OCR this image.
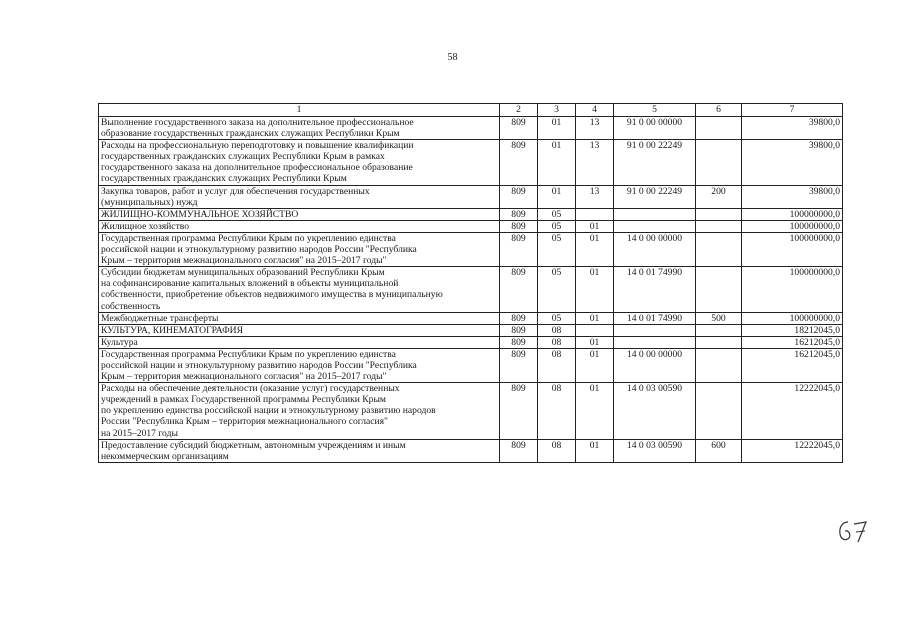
58
1	2	3	4	5	6	7
Выполнение государственного заказа на дополнительное профессиональное
образование государственных гражданских служащих Республики Крым	809	01	13	91 0 00 00000		39800,0
Расходы на профессиональную переподготовку и повышение квалификации
государственных гражданских служащих Республики Крым в рамках
государственного заказа на дополнительное профессиональное образование
государственных гражданских служащих Республики Крым	809	01	13	91 0 00 22249		39800,0
Закупка товаров, работ и услуг для обеспечения государственных
(муниципальных) нужд	809	01	13	91 0 00 22249	200	39800,0
ЖИЛИЩНО-КОММУНАЛЬНОЕ ХОЗЯЙСТВО	809	05				100000000,0
Жилищное хозяйство	809	05	01			100000000,0
Государственная программа Республики Крым по укреплению единства
российской нации и этнокультурному развитию народов России "Республика
Крым – территория межнационального согласия" на 2015–2017 годы"	809	05	01	14 0 00 00000		100000000,0
Субсидии бюджетам муниципальных образований Республики Крым
на софинансирование капитальных вложений в объекты муниципальной
собственности, приобретение объектов недвижимого имущества в муниципальную
собственность	809	05	01	14 0 01 74990		100000000,0
Межбюджетные трансферты	809	05	01	14 0 01 74990	500	100000000,0
КУЛЬТУРА, КИНЕМАТОГРАФИЯ	809	08				18212045,0
Культура	809	08	01			16212045,0
Государственная программа Республики Крым по укреплению единства
российской нации и этнокультурному развитию народов России "Республика
Крым – территория межнационального согласия" на 2015–2017 годы"	809	08	01	14 0 00 00000		16212045,0
Расходы на обеспечение деятельности (оказание услуг) государственных
учреждений в рамках Государственной программы Республики Крым
по укреплению единства российской нации и этнокультурному развитию народов
России "Республика Крым – территория межнационального согласия"
на 2015–2017 годы	809	08	01	14 0 03 00590		12222045,0
Предоставление субсидий бюджетным, автономным учреждениям и иным
некоммерческим организациям	809	08	01	14 0 03 00590	600	12222045,0
